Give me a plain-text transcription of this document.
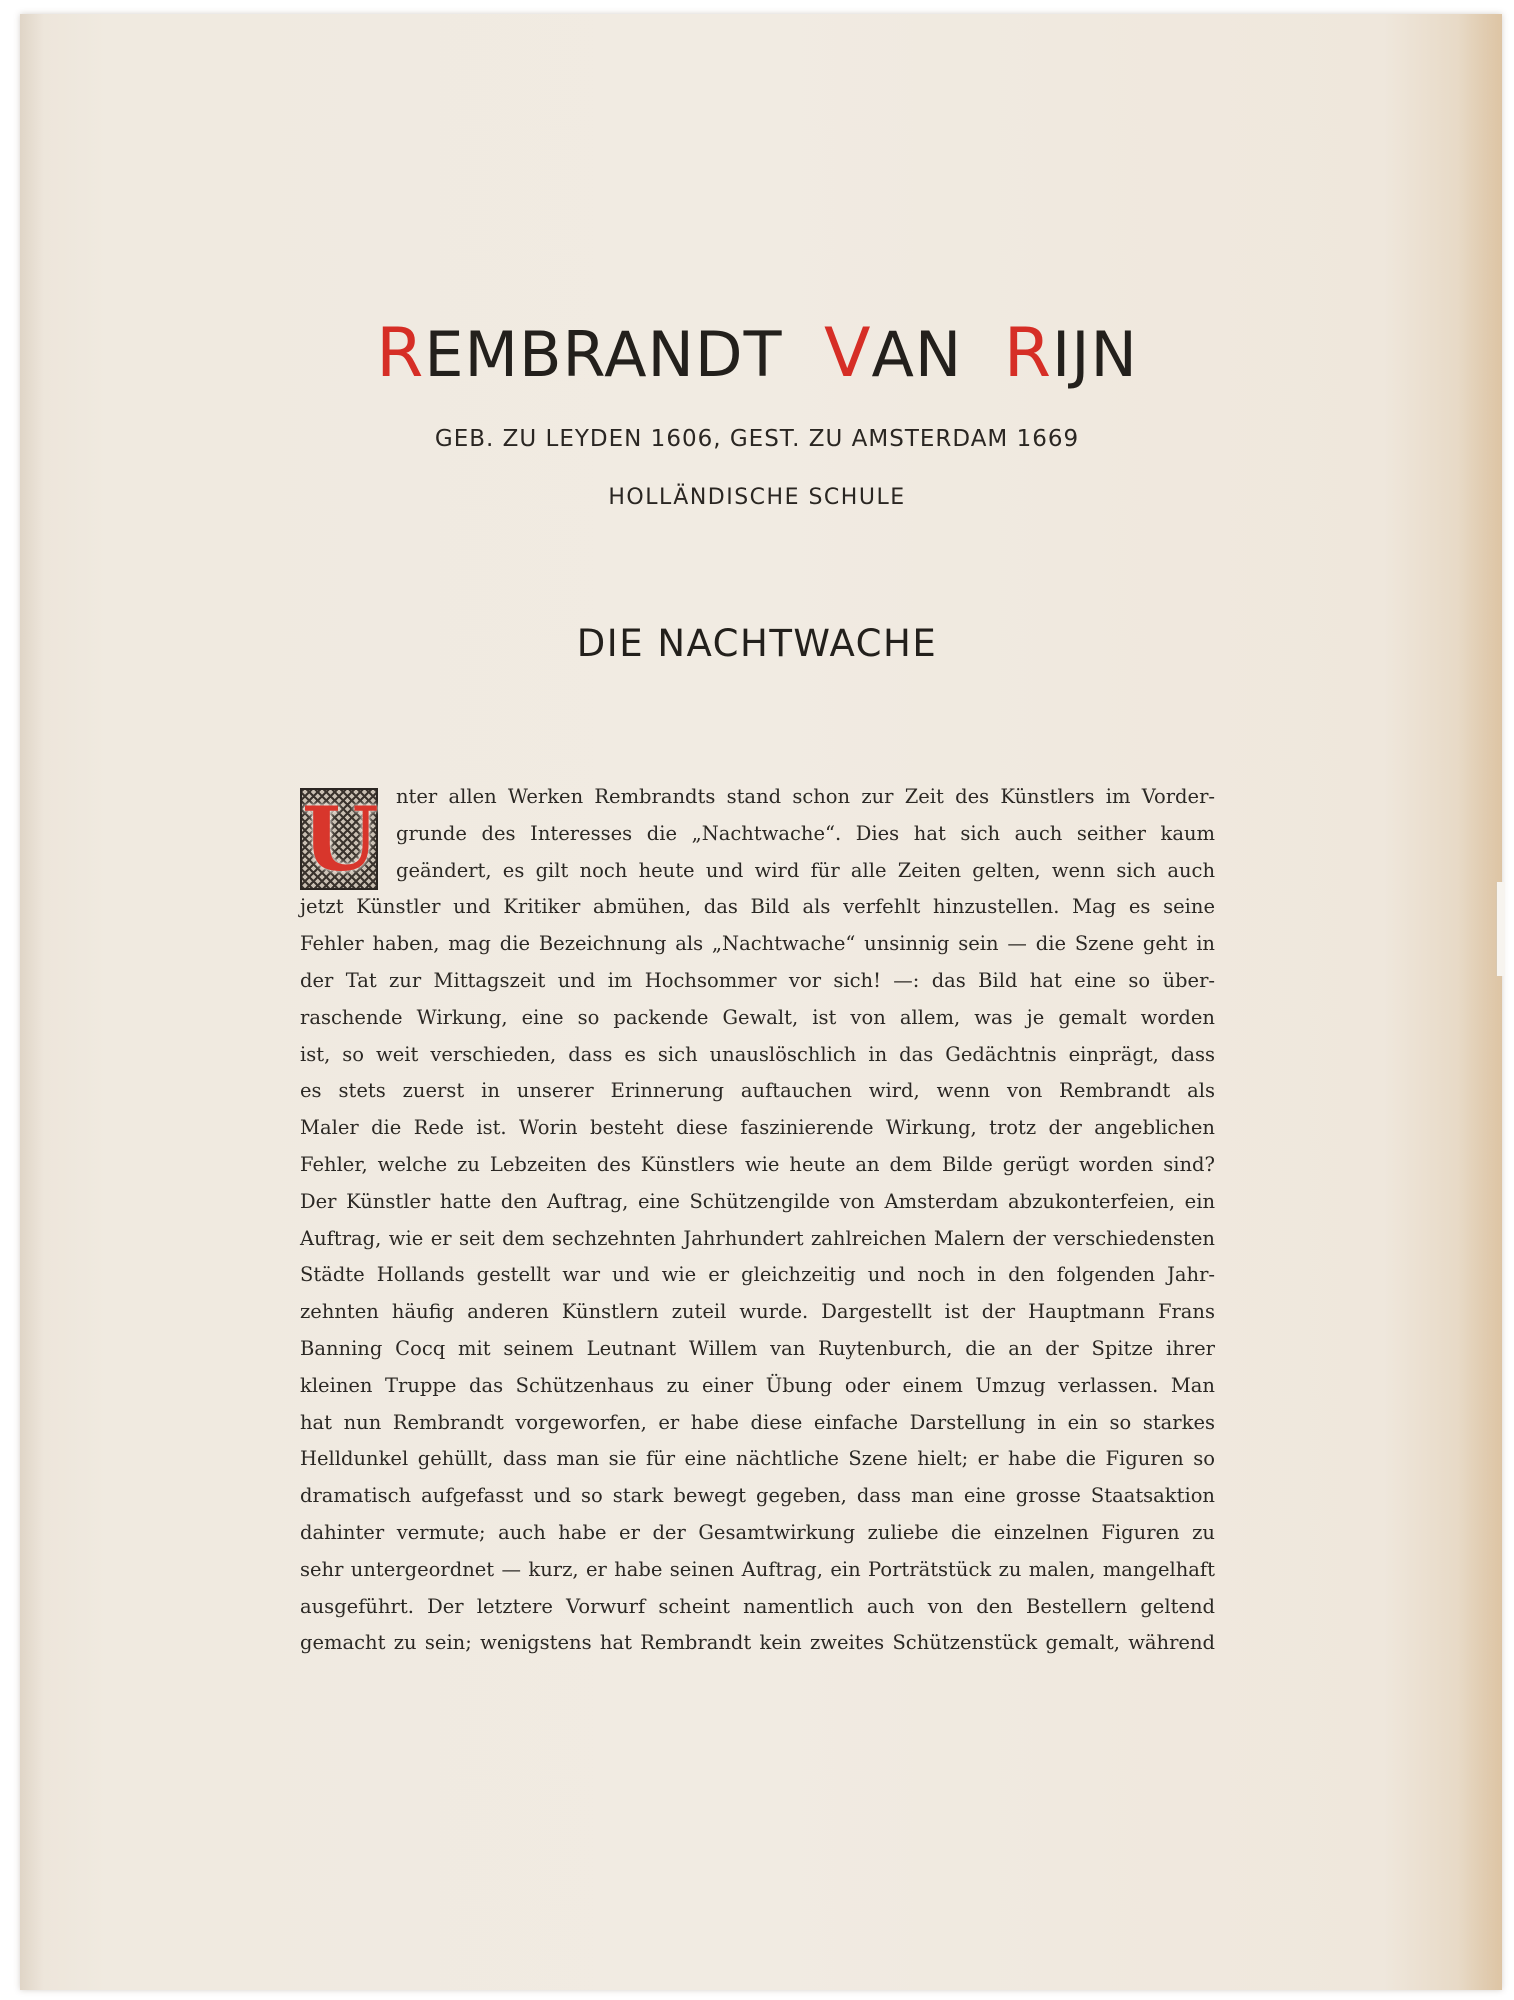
REMBRANDT VAN RIJN
GEB. ZU LEYDEN 1606, GEST. ZU AMSTERDAM 1669
HOLLÄNDISCHE SCHULE
DIE NACHTWACHE
U nter allen Werken Rembrandts stand schon zur Zeit des Künstlers im Vorder-
grunde des Interesses die „Nachtwache“. Dies hat sich auch seither kaum
geändert, es gilt noch heute und wird für alle Zeiten gelten, wenn sich auch
jetzt Künstler und Kritiker abmühen, das Bild als verfehlt hinzustellen. Mag es seine
Fehler haben, mag die Bezeichnung als „Nachtwache“ unsinnig sein — die Szene geht in
der Tat zur Mittagszeit und im Hochsommer vor sich! —: das Bild hat eine so über-
raschende Wirkung, eine so packende Gewalt, ist von allem, was je gemalt worden
ist, so weit verschieden, dass es sich unauslöschlich in das Gedächtnis einprägt, dass
es stets zuerst in unserer Erinnerung auftauchen wird, wenn von Rembrandt als
Maler die Rede ist. Worin besteht diese faszinierende Wirkung, trotz der angeblichen
Fehler, welche zu Lebzeiten des Künstlers wie heute an dem Bilde gerügt worden sind?
Der Künstler hatte den Auftrag, eine Schützengilde von Amsterdam abzukonterfeien, ein
Auftrag, wie er seit dem sechzehnten Jahrhundert zahlreichen Malern der verschiedensten
Städte Hollands gestellt war und wie er gleichzeitig und noch in den folgenden Jahr-
zehnten häufig anderen Künstlern zuteil wurde. Dargestellt ist der Hauptmann Frans
Banning Cocq mit seinem Leutnant Willem van Ruytenburch, die an der Spitze ihrer
kleinen Truppe das Schützenhaus zu einer Übung oder einem Umzug verlassen. Man
hat nun Rembrandt vorgeworfen, er habe diese einfache Darstellung in ein so starkes
Helldunkel gehüllt, dass man sie für eine nächtliche Szene hielt; er habe die Figuren so
dramatisch aufgefasst und so stark bewegt gegeben, dass man eine grosse Staatsaktion
dahinter vermute; auch habe er der Gesamtwirkung zuliebe die einzelnen Figuren zu
sehr untergeordnet — kurz, er habe seinen Auftrag, ein Porträtstück zu malen, mangelhaft
ausgeführt. Der letztere Vorwurf scheint namentlich auch von den Bestellern geltend
gemacht zu sein; wenigstens hat Rembrandt kein zweites Schützenstück gemalt, während
